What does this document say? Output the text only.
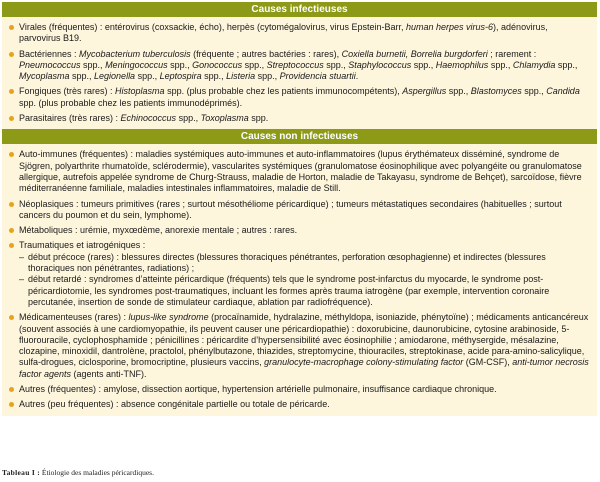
Causes infectieuses
Virales (fréquentes) : entérovirus (coxsackie, écho), herpès (cytomégalovirus, virus Epstein-Barr, human herpes virus-6), adénovirus, parvovirus B19.
Bactériennes : Mycobacterium tuberculosis (fréquente ; autres bactéries : rares), Coxiella burnetii, Borrelia burgdorferi ; rarement : Pneumococcus spp., Meningococcus spp., Gonococcus spp., Streptococcus spp., Staphylococcus spp., Haemophilus spp., Chlamydia spp., Mycoplasma spp., Legionella spp., Leptospira spp., Listeria spp., Providencia stuartii.
Fongiques (très rares) : Histoplasma spp. (plus probable chez les patients immunocompétents), Aspergillus spp., Blastomyces spp., Candida spp. (plus probable chez les patients immunodéprimés).
Parasitaires (très rares) : Echinococcus spp., Toxoplasma spp.
Causes non infectieuses
Auto-immunes (fréquentes) : maladies systémiques auto-immunes et auto-inflammatoires (lupus érythémateux disséminé, syndrome de Sjögren, polyarthrite rhumatoïde, sclérodermie), vascularites systémiques (granulomatose éosinophilique avec polyangéite ou granulomatose allergique, autrefois appelée syndrome de Churg-Strauss, maladie de Horton, maladie de Takayasu, syndrome de Behçet), sarcoïdose, fièvre méditerranéenne familiale, maladies intestinales inflammatoires, maladie de Still.
Néoplasiques : tumeurs primitives (rares ; surtout mésothéliome péricardique) ; tumeurs métastatiques secondaires (habituelles ; surtout cancers du poumon et du sein, lymphome).
Métaboliques : urémie, myxœdème, anorexie mentale ; autres : rares.
Traumatiques et iatrogéniques :
– début précoce (rares) : blessures directes (blessures thoraciques pénétrantes, perforation œsophagienne) et indirectes (blessures thoraciques non pénétrantes, radiations) ;
– début retardé : syndromes d’atteinte péricardique (fréquents) tels que le syndrome post-infarctus du myocarde, le syndrome post-péricardiotomie, les syndromes post-traumatiques, incluant les formes après trauma iatrogène (par exemple, intervention coronaire percutanée, insertion de sonde de stimulateur cardiaque, ablation par radiofréquence).
Médicamenteuses (rares) : lupus-like syndrome (procaïnamide, hydralazine, méthyldopa, isoniazide, phénytoïne) ; médicaments anticancéreux (souvent associés à une cardiomyopathie, ils peuvent causer une péricardiopathie) : doxorubicine, daunorubicine, cytosine arabinoside, 5-fluorouracile, cyclophosphamide ; pénicillines : péricardite d’hypersensibilité avec éosinophilie ; amiodarone, méthysergide, mésalazine, clozapine, minoxidil, dantrolène, practolol, phénylbutazone, thiazides, streptomycine, thiouraciles, streptokinase, acide para-amino-salicylique, sulfa-drogues, ciclosporine, bromocriptine, plusieurs vaccins, granulocyte-macrophage colony-stimulating factor (GM-CSF), anti-tumor necrosis factor agents (agents anti-TNF).
Autres (fréquentes) : amylose, dissection aortique, hypertension artérielle pulmonaire, insuffisance cardiaque chronique.
Autres (peu fréquentes) : absence congénitale partielle ou totale de péricarde.
Tableau I : Étiologie des maladies péricardiques.
